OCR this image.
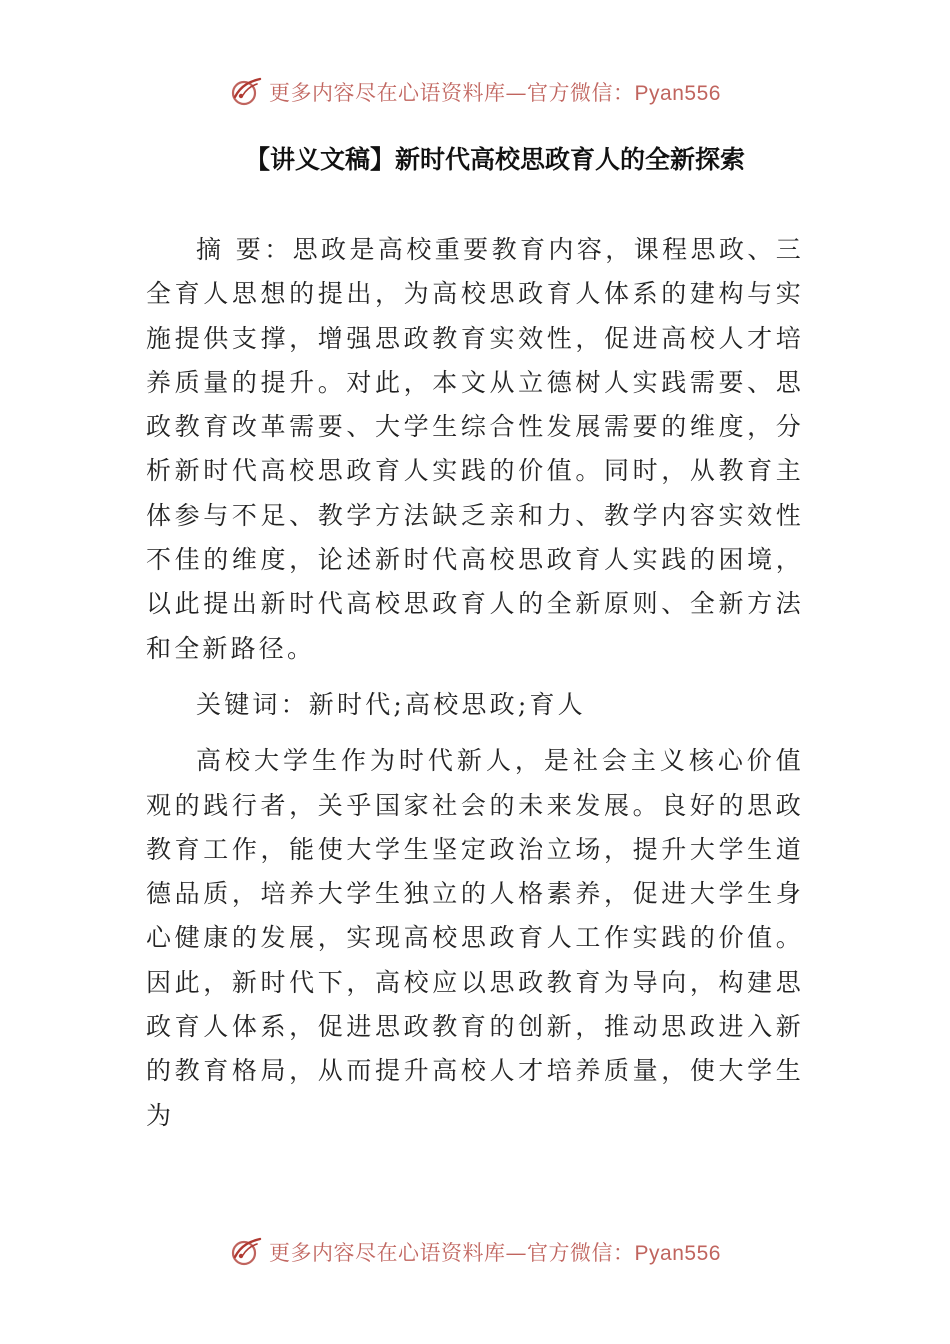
更多内容尽在心语资料库—官方微信：Pyan556
【讲义文稿】新时代高校思政育人的全新探索

摘 要：思政是高校重要教育内容，课程思政、三全育人思想的提出，为高校思政育人体系的建构与实施提供支撑，增强思政教育实效性，促进高校人才培养质量的提升。对此，本文从立德树人实践需要、思政教育改革需要、大学生综合性发展需要的维度，分析新时代高校思政育人实践的价值。同时，从教育主体参与不足、教学方法缺乏亲和力、教学内容实效性不佳的维度，论述新时代高校思政育人实践的困境，以此提出新时代高校思政育人的全新原则、全新方法和全新路径。

关键词：新时代;高校思政;育人

高校大学生作为时代新人，是社会主义核心价值观的践行者，关乎国家社会的未来发展。良好的思政教育工作，能使大学生坚定政治立场，提升大学生道德品质，培养大学生独立的人格素养，促进大学生身心健康的发展，实现高校思政育人工作实践的价值。因此，新时代下，高校应以思政教育为导向，构建思政育人体系，促进思政教育的创新，推动思政进入新的教育格局，从而提升高校人才培养质量，使大学生为

更多内容尽在心语资料库—官方微信：Pyan556
